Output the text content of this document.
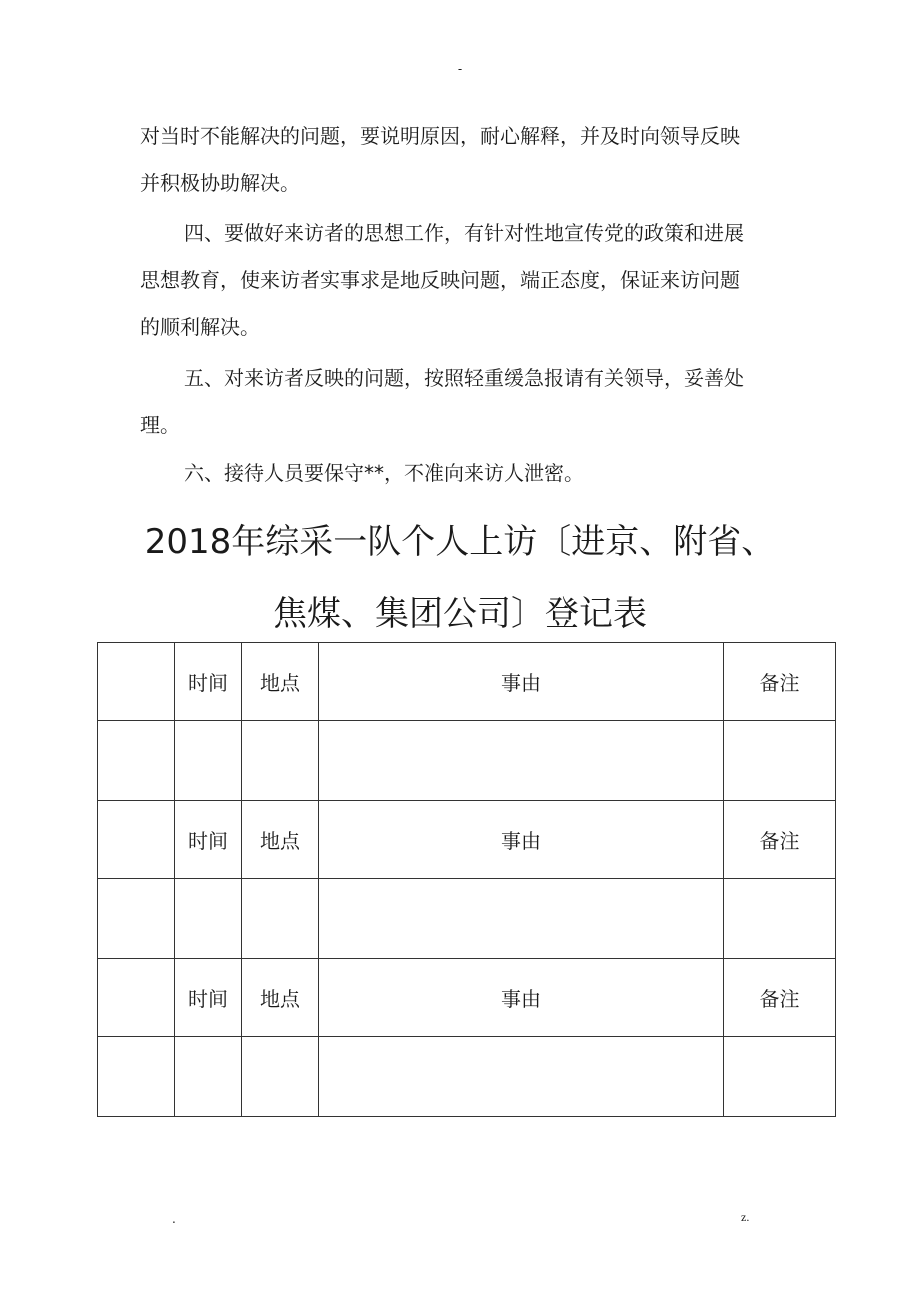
-
对当时不能解决的问题，要说明原因，耐心解释，并及时向领导反映
并积极协助解决。
四、要做好来访者的思想工作，有针对性地宣传党的政策和进展
思想教育，使来访者实事求是地反映问题，端正态度，保证来访问题
的顺利解决。
五、对来访者反映的问题，按照轻重缓急报请有关领导，妥善处
理。
六、接待人员要保守**，不准向来访人泄密。
2018年综采一队个人上访〔进京、附省、
焦煤、集团公司〕登记表
	时间	地点	事由	备注

	时间	地点	事由	备注

	时间	地点	事由	备注

.	z.
